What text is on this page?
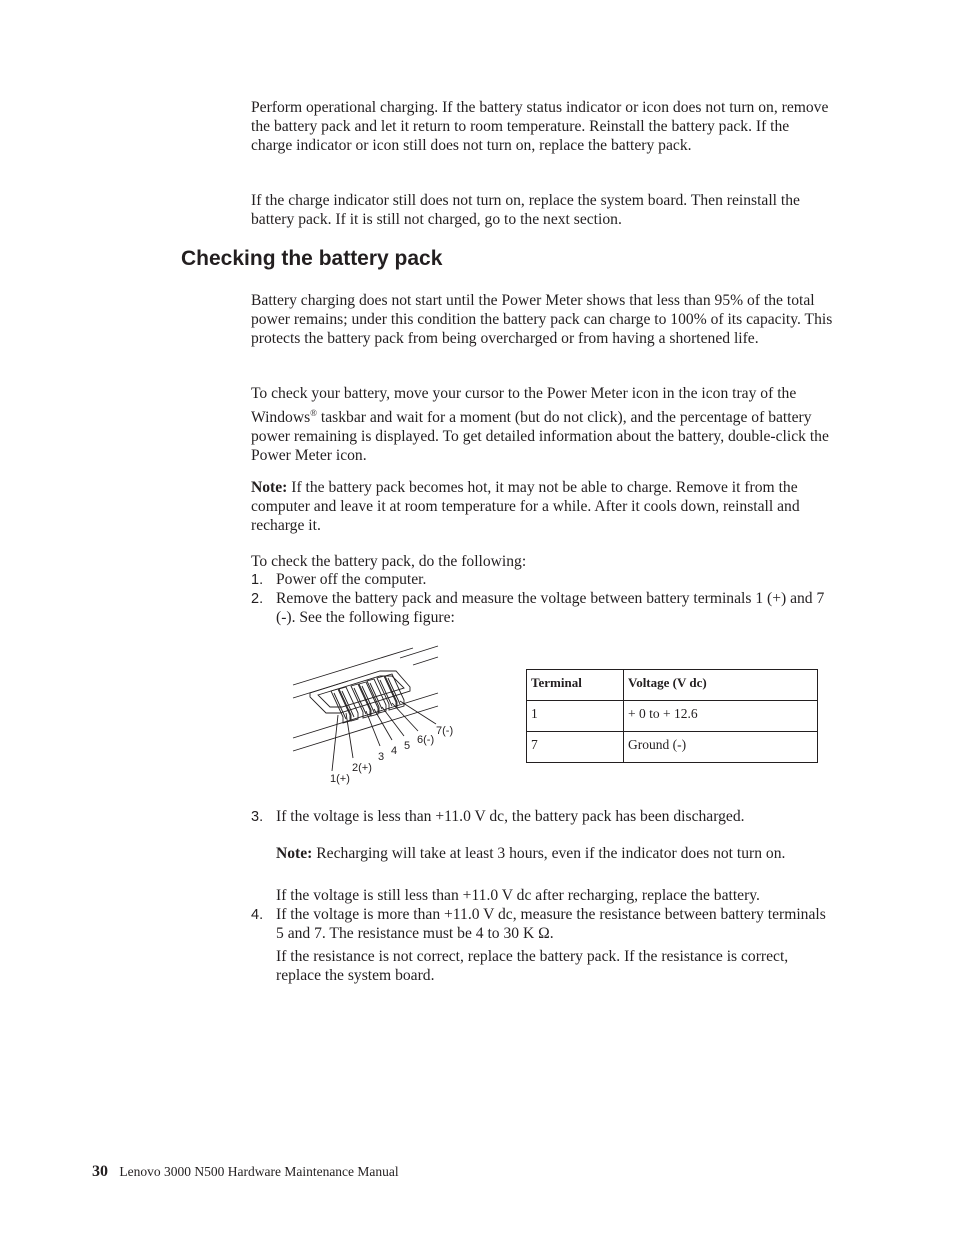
Perform operational charging. If the battery status indicator or icon does not turn on, remove the battery pack and let it return to room temperature. Reinstall the battery pack. If the charge indicator or icon still does not turn on, replace the battery pack.

If the charge indicator still does not turn on, replace the system board. Then reinstall the battery pack. If it is still not charged, go to the next section.

Checking the battery pack

Battery charging does not start until the Power Meter shows that less than 95% of the total power remains; under this condition the battery pack can charge to 100% of its capacity. This protects the battery pack from being overcharged or from having a shortened life.

To check your battery, move your cursor to the Power Meter icon in the icon tray of the Windows® taskbar and wait for a moment (but do not click), and the percentage of battery power remaining is displayed. To get detailed information about the battery, double-click the Power Meter icon.

Note: If the battery pack becomes hot, it may not be able to charge. Remove it from the computer and leave it at room temperature for a while. After it cools down, reinstall and recharge it.

To check the battery pack, do the following:

1. Power off the computer.
2. Remove the battery pack and measure the voltage between battery terminals 1 (+) and 7 (-). See the following figure:
1(+)
2(+)
3 4 5 6(-)
7(-)
Terminal	Voltage (V dc)
1	+ 0 to + 12.6
7	Ground (-)
3. If the voltage is less than +11.0 V dc, the battery pack has been discharged.

Note: Recharging will take at least 3 hours, even if the indicator does not turn on.

If the voltage is still less than +11.0 V dc after recharging, replace the battery.

4. If the voltage is more than +11.0 V dc, measure the resistance between battery terminals 5 and 7. The resistance must be 4 to 30 K Ω.

If the resistance is not correct, replace the battery pack. If the resistance is correct, replace the system board.

30 Lenovo 3000 N500 Hardware Maintenance Manual
